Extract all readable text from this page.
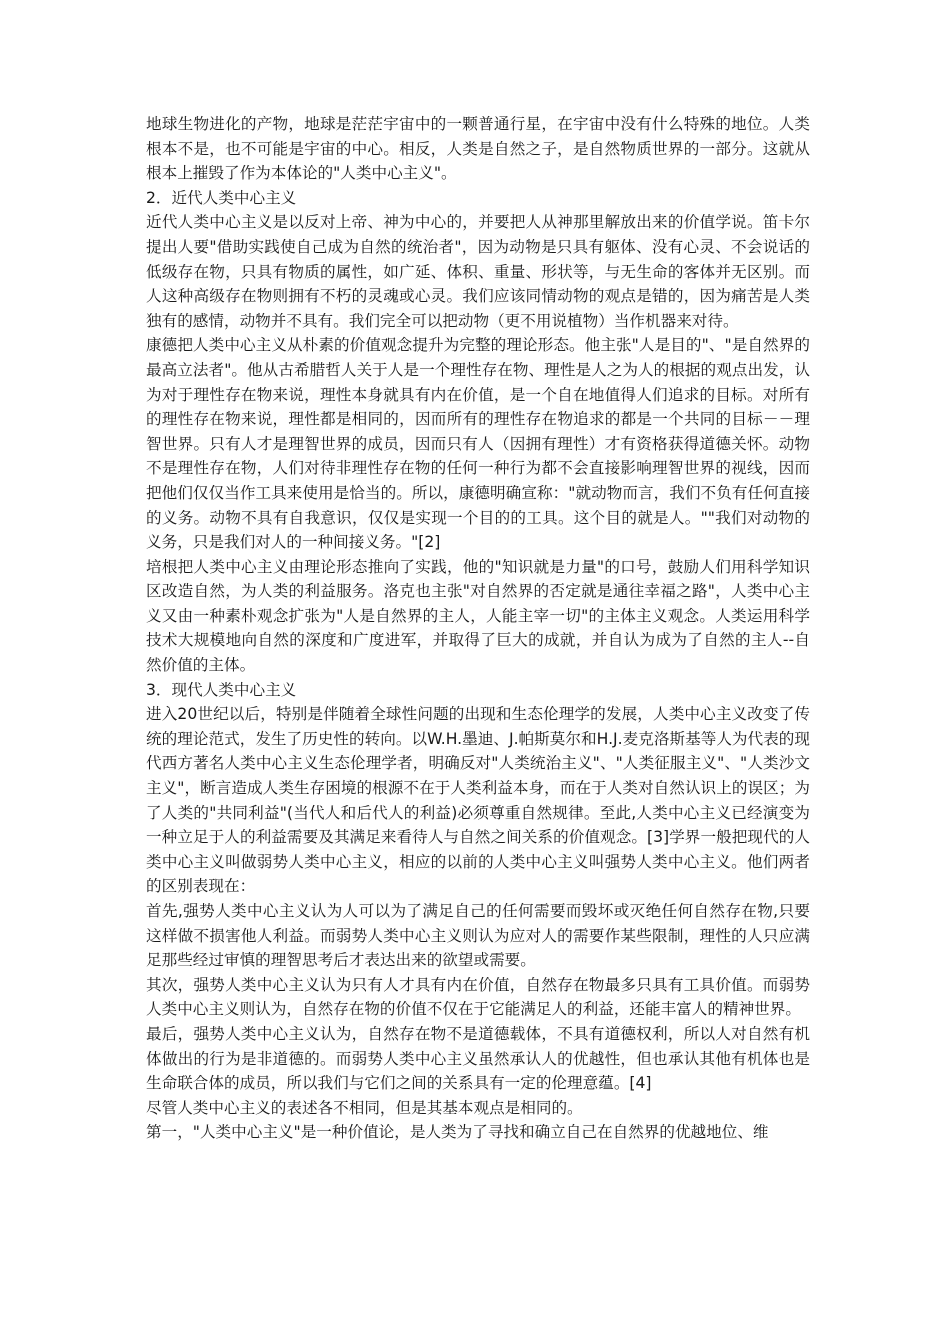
地球生物进化的产物，地球是茫茫宇宙中的一颗普通行星，在宇宙中没有什么特殊的地位。人类根本不是，也不可能是宇宙的中心。相反，人类是自然之子，是自然物质世界的一部分。这就从根本上摧毁了作为本体论的"人类中心主义"。

2．近代人类中心主义

近代人类中心主义是以反对上帝、神为中心的，并要把人从神那里解放出来的价值学说。笛卡尔提出人要"借助实践使自己成为自然的统治者"，因为动物是只具有躯体、没有心灵、不会说话的低级存在物，只具有物质的属性，如广延、体积、重量、形状等，与无生命的客体并无区别。而人这种高级存在物则拥有不朽的灵魂或心灵。我们应该同情动物的观点是错的，因为痛苦是人类独有的感情，动物并不具有。我们完全可以把动物（更不用说植物）当作机器来对待。

康德把人类中心主义从朴素的价值观念提升为完整的理论形态。他主张"人是目的"、"是自然界的最高立法者"。他从古希腊哲人关于人是一个理性存在物、理性是人之为人的根据的观点出发，认为对于理性存在物来说，理性本身就具有内在价值，是一个自在地值得人们追求的目标。对所有的理性存在物来说，理性都是相同的，因而所有的理性存在物追求的都是一个共同的目标－－理智世界。只有人才是理智世界的成员，因而只有人（因拥有理性）才有资格获得道德关怀。动物不是理性存在物，人们对待非理性存在物的任何一种行为都不会直接影响理智世界的视线，因而把他们仅仅当作工具来使用是恰当的。所以，康德明确宣称："就动物而言，我们不负有任何直接的义务。动物不具有自我意识，仅仅是实现一个目的的工具。这个目的就是人。""我们对动物的义务，只是我们对人的一种间接义务。"[2]

培根把人类中心主义由理论形态推向了实践，他的"知识就是力量"的口号，鼓励人们用科学知识区改造自然，为人类的利益服务。洛克也主张"对自然界的否定就是通往幸福之路"，人类中心主义又由一种素朴观念扩张为"人是自然界的主人，人能主宰一切"的主体主义观念。人类运用科学技术大规模地向自然的深度和广度进军，并取得了巨大的成就，并自认为成为了自然的主人--自然价值的主体。

3．现代人类中心主义

进入20世纪以后，特别是伴随着全球性问题的出现和生态伦理学的发展，人类中心主义改变了传统的理论范式，发生了历史性的转向。以W.H.墨迪、J.帕斯莫尔和H.J.麦克洛斯基等人为代表的现代西方著名人类中心主义生态伦理学者，明确反对"人类统治主义"、"人类征服主义"、"人类沙文主义"，断言造成人类生存困境的根源不在于人类利益本身，而在于人类对自然认识上的误区；为了人类的"共同利益"(当代人和后代人的利益)必须尊重自然规律。至此,人类中心主义已经演变为一种立足于人的利益需要及其满足来看待人与自然之间关系的价值观念。[3]学界一般把现代的人类中心主义叫做弱势人类中心主义，相应的以前的人类中心主义叫强势人类中心主义。他们两者的区别表现在：

首先,强势人类中心主义认为人可以为了满足自己的任何需要而毁坏或灭绝任何自然存在物,只要这样做不损害他人利益。而弱势人类中心主义则认为应对人的需要作某些限制，理性的人只应满足那些经过审慎的理智思考后才表达出来的欲望或需要。

其次，强势人类中心主义认为只有人才具有内在价值，自然存在物最多只具有工具价值。而弱势人类中心主义则认为，自然存在物的价值不仅在于它能满足人的利益，还能丰富人的精神世界。

最后，强势人类中心主义认为，自然存在物不是道德载体，不具有道德权利，所以人对自然有机体做出的行为是非道德的。而弱势人类中心主义虽然承认人的优越性，但也承认其他有机体也是生命联合体的成员，所以我们与它们之间的关系具有一定的伦理意蕴。[4]

尽管人类中心主义的表述各不相同，但是其基本观点是相同的。

第一，"人类中心主义"是一种价值论，是人类为了寻找和确立自己在自然界的优越地位、维
